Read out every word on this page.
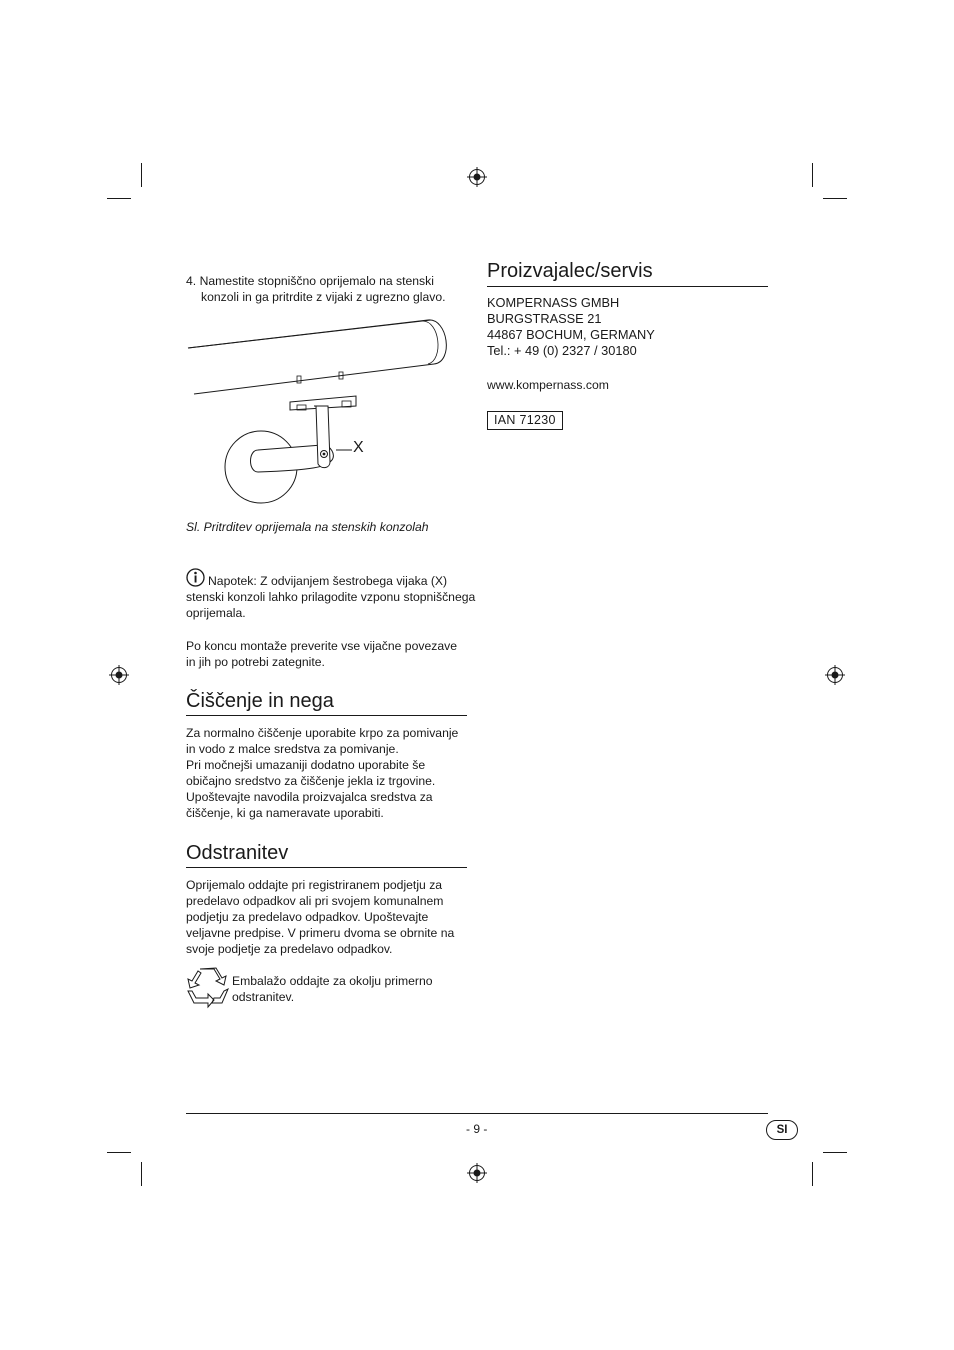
4. Namestite stopniščno oprijemalo na stenski
konzoli in ga pritrdite z vijaki z ugrezno glavo.
X
Sl. Pritrditev oprijemala na stenskih konzolah
Napotek: Z odvijanjem šestrobega vijaka (X)
stenski konzoli lahko prilagodite vzponu stopniščnega
oprijemala.
Po koncu montaže preverite vse vijačne povezave
in jih po potrebi zategnite.
Čiščenje in nega
Za normalno čiščenje uporabite krpo za pomivanje
in vodo z malce sredstva za pomivanje.
Pri močnejši umazaniji dodatno uporabite še
običajno sredstvo za čiščenje jekla iz trgovine.
Upoštevajte navodila proizvajalca sredstva za
čiščenje, ki ga nameravate uporabiti.
Odstranitev
Oprijemalo oddajte pri registriranem podjetju za
predelavo odpadkov ali pri svojem komunalnem
podjetju za predelavo odpadkov. Upoštevajte
veljavne predpise. V primeru dvoma se obrnite na
svoje podjetje za predelavo odpadkov.
Embalažo oddajte za okolju primerno
odstranitev.
Proizvajalec/servis
KOMPERNASS GMBH
BURGSTRASSE 21
44867 BOCHUM, GERMANY
Tel.: + 49 (0) 2327 / 30180
www.kompernass.com
IAN 71230
- 9 -	SI
